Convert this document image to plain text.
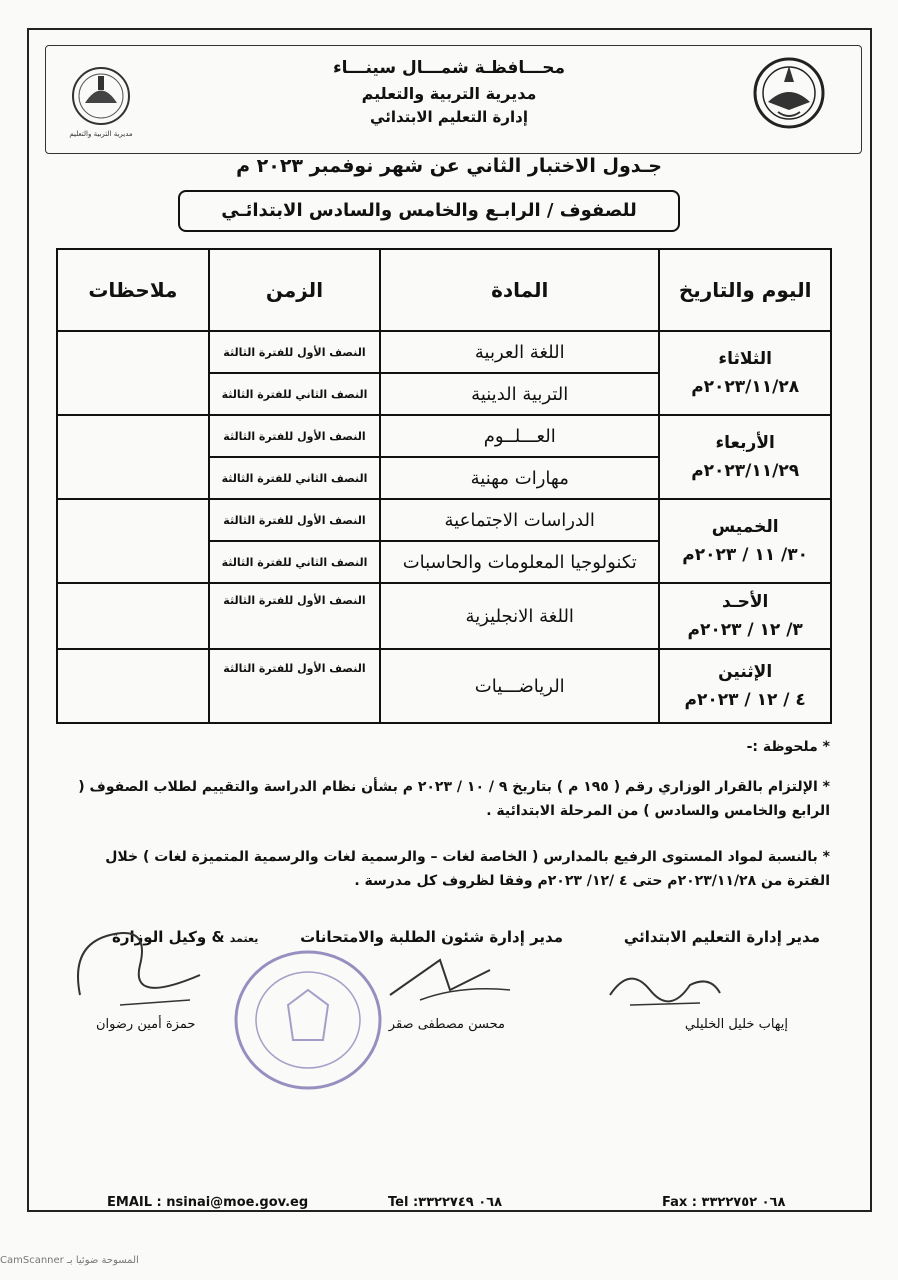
مديرية التربية والتعليم
محـــافظـة شمـــال سينـــاء
مديرية التربية والتعليم
إدارة التعليم الابتدائي
جـدول الاختبار الثاني عن شهر نوفمبر ٢٠٢٣ م
للصفوف / الرابـع والخامس والسادس الابتدائـي
اليوم والتاريخ	المادة	الزمن	ملاحظات

الثلاثاء
٢٠٢٣/١١/٢٨م	اللغة العربية	النصف الأول للفترة الثالثة	
	التربية الدينية	النصف الثاني للفترة الثالثة	

الأربعاء
٢٠٢٣/١١/٢٩م	العـــلــوم	النصف الأول للفترة الثالثة	
	مهارات مهنية	النصف الثاني للفترة الثالثة	

الخميس
٣٠/ ١١ / ٢٠٢٣م	الدراسات الاجتماعية	النصف الأول للفترة الثالثة	
	تكنولوجيا المعلومات والحاسبات	النصف الثاني للفترة الثالثة	

الأحـد
٣/ ١٢ / ٢٠٢٣م	اللغة الانجليزية	النصف الأول للفترة الثالثة	

الإثنين
٤ / ١٢ / ٢٠٢٣م	الرياضـــيات	النصف الأول للفترة الثالثة	
* ملحوظة :-
* الإلتزام بالقرار الوزاري رقم ( ١٩٥ م ) بتاريخ ٩ / ١٠ / ٢٠٢٣ م بشأن نظام الدراسة والتقييم لطلاب الصفوف ( الرابع والخامس والسادس ) من المرحلة الابتدائية .
* بالنسبة لمواد المستوى الرفيع بالمدارس ( الخاصة لغات – والرسمية لغات والرسمية المتميزة لغات ) خلال الفترة من ٢٠٢٣/١١/٢٨م حتى ٤ /١٢/ ٢٠٢٣م وفقا لظروف كل مدرسة .
مدير إدارة التعليم الابتدائي
مدير إدارة شئون الطلبة والامتحانات
يعتمد & وكيل الوزارة
إيهاب خليل الخليلي
محسن مصطفى صقر
حمزة أمين رضوان
EMAIL : nsinai@moe.gov.eg	Tel :٠٦٨ ٣٣٢٢٧٤٩	Fax : ٠٦٨ ٣٣٢٢٧٥٢
CamScanner المسوحة ضوئيا بـ
